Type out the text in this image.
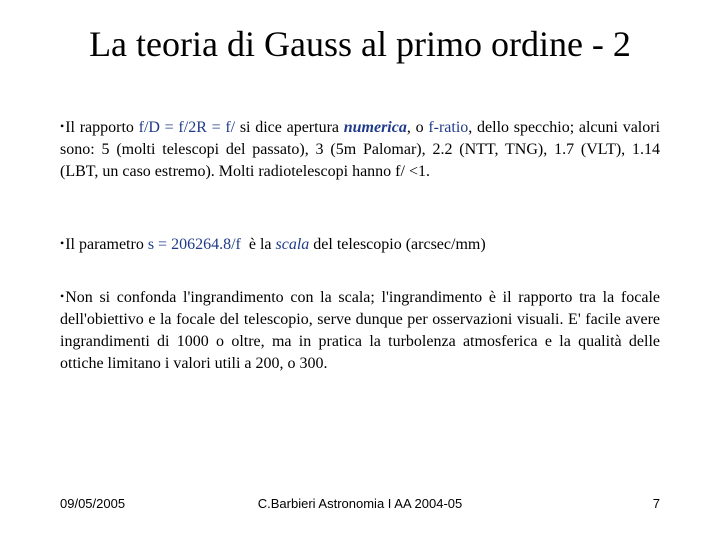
La teoria di Gauss al primo ordine - 2
•Il rapporto f/D = f/2R = f/ si dice apertura numerica, o f-ratio, dello specchio; alcuni valori sono: 5 (molti telescopi del passato), 3 (5m Palomar), 2.2 (NTT, TNG), 1.7 (VLT), 1.14 (LBT, un caso estremo). Molti radiotelescopi hanno f/ <1.
•Il parametro s = 206264.8/f  è la scala del telescopio (arcsec/mm)
•Non si confonda l'ingrandimento con la scala; l'ingrandimento è il rapporto tra la focale dell'obiettivo e la focale del telescopio, serve dunque per osservazioni visuali. E' facile avere ingrandimenti di 1000 o oltre, ma in pratica la turbolenza atmosferica e la qualità delle ottiche limitano i valori utili a 200, o 300.
09/05/2005	C.Barbieri Astronomia I AA 2004-05	7
